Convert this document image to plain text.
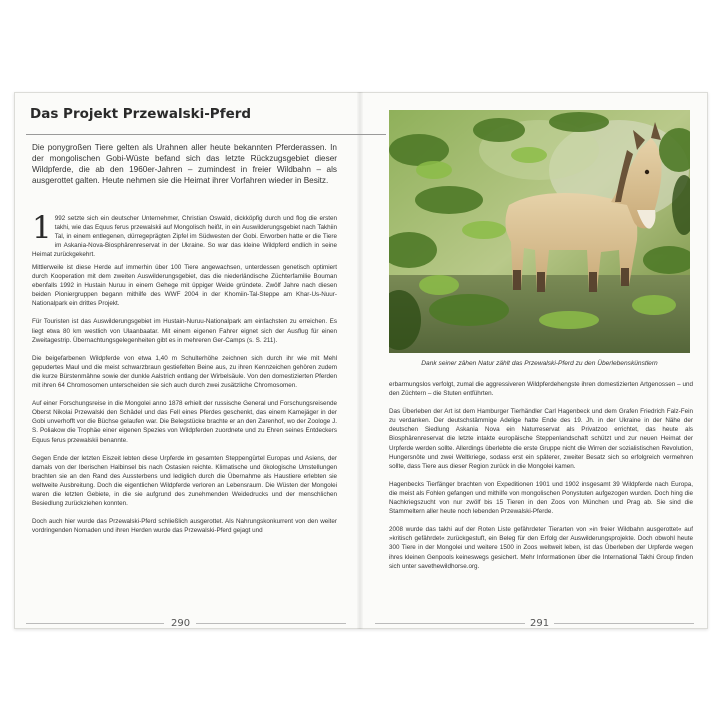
Das Projekt Przewalski-Pferd
Die ponygroßen Tiere gelten als Urahnen aller heute bekannten Pferderassen. In der mongolischen Gobi-Wüste befand sich das letzte Rückzugsgebiet dieser Wildpferde, die ab den 1960er-Jahren – zumindest in freier Wildbahn – als ausgerottet galten. Heute nehmen sie die Heimat ihrer Vorfahren wieder in Besitz.
1 992 setzte sich ein deutscher Unternehmer, Christian Oswald, dickköpfig durch und flog die ersten takhi, wie das Equus ferus przewalskii auf Mongolisch heißt, in ein Auswilderungsgebiet nach Takhiin Tal, in einem entlegenen, dürregeprägten Zipfel im Südwesten der Gobi. Erworben hatte er die Tiere im Askania-Nova-Biosphärenreservat in der Ukraine. So war das kleine Wildpferd endlich in seine Heimat zurückgekehrt.

Mittlerweile ist diese Herde auf immerhin über 100 Tiere angewachsen, unterdessen genetisch optimiert durch Kooperation mit dem zweiten Auswilderungsgebiet, das die niederländische Züchterfamilie Bouman ebenfalls 1992 in Hustain Nuruu in einem Gehege mit üppiger Weide gründete. Zwölf Jahre nach diesen beiden Pioniergruppen begann mithilfe des WWF 2004 in der Khomiin-Tal-Steppe am Khar-Us-Nuur-Nationalpark ein drittes Projekt.

Für Touristen ist das Auswilderungsgebiet im Hustain-Nuruu-Nationalpark am einfachsten zu erreichen. Es liegt etwa 80 km westlich von Ulaanbaatar. Mit einem eigenen Fahrer eignet sich der Ausflug für einen Zweitagestrip. Übernachtungsgelegenheiten gibt es in mehreren Ger-Camps (s. S. 211).

Die beigefarbenen Wildpferde von etwa 1,40 m Schulterhöhe zeichnen sich durch ihr wie mit Mehl gepudertes Maul und die meist schwarzbraun gestiefelten Beine aus, zu ihren Kennzeichen gehören zudem die kurze Bürstenmähne sowie der dunkle Aalstrich entlang der Wirbelsäule. Von den domestizierten Pferden mit ihren 64 Chromosomen unterscheiden sie sich auch durch zwei zusätzliche Chromosomen.

Auf einer Forschungsreise in die Mongolei anno 1878 erhielt der russische General und Forschungsreisende Oberst Nikolai Przewalski den Schädel und das Fell eines Pferdes geschenkt, das einem Kamejäger in der Gobi unverhofft vor die Büchse gelaufen war. Die Belegstücke brachte er an den Zarenhof, wo der Zoologe J. S. Poliakow die Trophäe einer eigenen Spezies von Wildpferden zuordnete und zu Ehren seines Entdeckers Equus ferus przewalskii benannte.

Gegen Ende der letzten Eiszeit lebten diese Urpferde im gesamten Steppengürtel Europas und Asiens, der damals von der Iberischen Halbinsel bis nach Ostasien reichte. Klimatische und ökologische Umstellungen brachten sie an den Rand des Aussterbens und lediglich durch die Übernahme als Haustiere erlebten sie weltweite Ausbreitung. Doch die eigentlichen Wildpferde verloren an Lebensraum. Die Wüsten der Mongolei waren die letzten Gebiete, in die sie aufgrund des zunehmenden Weidedrucks und der menschlichen Besiedlung zurückziehen konnten.

Doch auch hier wurde das Przewalski-Pferd schließlich ausgerottet. Als Nahrungskonkurrent von den weiter vordringenden Nomaden und ihren Herden wurde das Przewalski-Pferd gejagt und

Dank seiner zähen Natur zählt das Przewalski-Pferd zu den Überlebenskünstlern

erbarmungslos verfolgt, zumal die aggressiveren Wildpferdehengste ihren domestizierten Artgenossen – und den Züchtern – die Stuten entführten.

Das Überleben der Art ist dem Hamburger Tierhändler Carl Hagenbeck und dem Grafen Friedrich Falz-Fein zu verdanken. Der deutschstämmige Adelige hatte Ende des 19. Jh. in der Ukraine in der Nähe der deutschen Siedlung Askania Nova ein Naturreservat als Privatzoo errichtet, das heute als Biosphärenreservat die letzte intakte europäische Steppenlandschaft schützt und zur neuen Heimat der Urpferde werden sollte. Allerdings überlebte die erste Gruppe nicht die Wirren der sozialistischen Revolution, Hungersnöte und zwei Weltkriege, sodass erst ein späterer, zweiter Besatz sich so erfolgreich vermehren sollte, dass Tiere aus dieser Region zurück in die Mongolei kamen.

Hagenbecks Tierfänger brachten von Expeditionen 1901 und 1902 insgesamt 39 Wildpferde nach Europa, die meist als Fohlen gefangen und mithilfe von mongolischen Ponystuten aufgezogen wurden. Doch hing die Nachkriegszucht von nur zwölf bis 15 Tieren in den Zoos von München und Prag ab. Sie sind die Stammeltern aller heute noch lebenden Przewalski-Pferde.

2008 wurde das takhi auf der Roten Liste gefährdeter Tierarten von »in freier Wildbahn ausgerottet« auf »kritisch gefährdet« zurückgestuft, ein Beleg für den Erfolg der Auswilderungsprojekte. Doch obwohl heute 300 Tiere in der Mongolei und weitere 1500 in Zoos weltweit leben, ist das Überleben der Urpferde wegen ihres kleinen Genpools keineswegs gesichert. Mehr Informationen über die International Takhi Group finden sich unter savethewildhorse.org.

290	291
